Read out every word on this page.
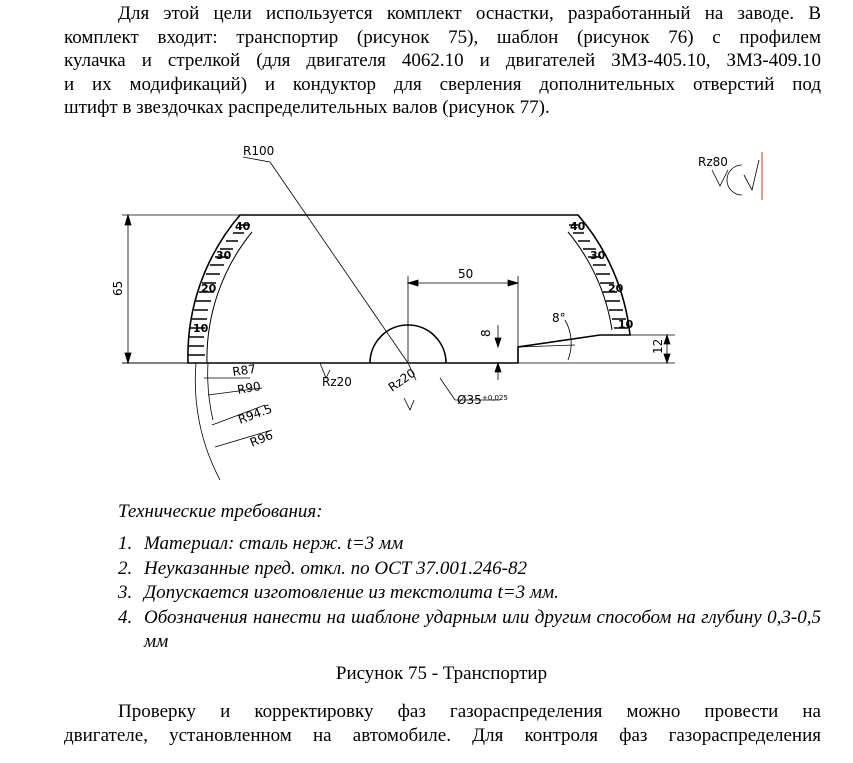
Для этой цели используется комплект оснастки, разработанный на заводе. В
комплект входит: транспортир (рисунок 75), шаблон (рисунок 76) с профилем
кулачка и стрелкой (для двигателя 4062.10 и двигателей ЗМЗ-405.10, ЗМЗ-409.10
и их модификаций) и кондуктор для сверления дополнительных отверстий под
штифт в звездочках распределительных валов (рисунок 77).
10
20
30
40
10
20
30
40
R100
Rz80
65
50
8
8°
12
R87
R90
R94.5
R96
Rz20	Rz20
Ø35 +0,025
Технические требования:
1. Материал: сталь нерж. t=3 мм
2. Неуказанные пред. откл. по ОСТ 37.001.246-82
3. Допускается изготовление из текстолита t=3 мм.
4. Обозначения нанести на шаблоне ударным или другим способом на глубину 0,3-0,5 мм
Рисунок 75 - Транспортир
Проверку и корректировку фаз газораспределения можно провести на
двигателе, установленном на автомобиле. Для контроля фаз газораспределения
